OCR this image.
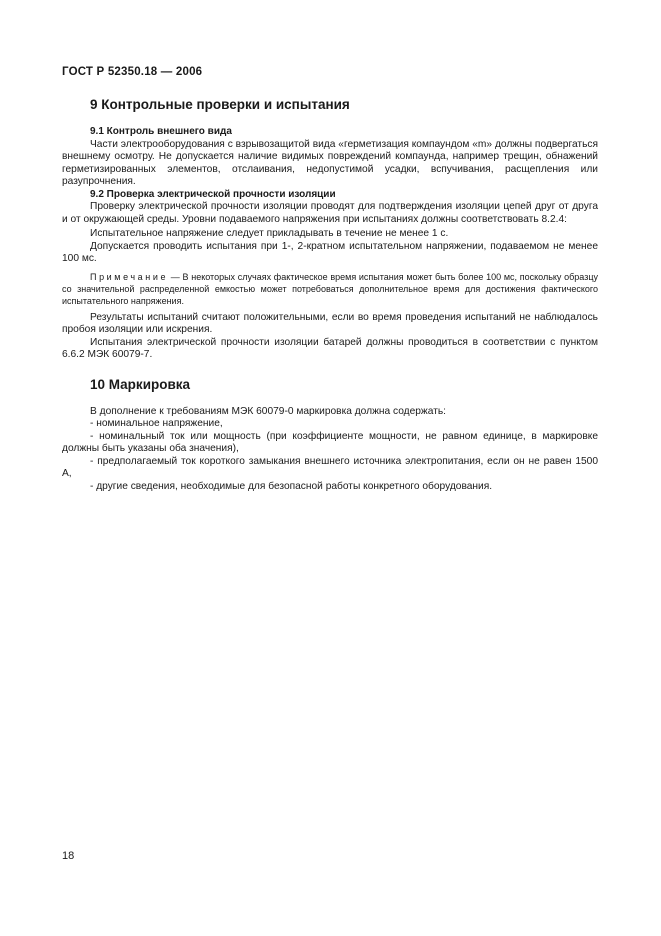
ГОСТ Р 52350.18 — 2006
9 Контрольные проверки и испытания
9.1 Контроль внешнего вида

Части электрооборудования с взрывозащитой вида «герметизация компаундом «m» должны подвергаться внешнему осмотру. Не допускается наличие видимых повреждений компаунда, например трещин, обнажений герметизированных элементов, отслаивания, недопустимой усадки, вспучивания, расщепления или разупрочнения.

9.2 Проверка электрической прочности изоляции

Проверку электрической прочности изоляции проводят для подтверждения изоляции цепей друг от друга и от окружающей среды. Уровни подаваемого напряжения при испытаниях должны соответствовать 8.2.4:

Испытательное напряжение следует прикладывать в течение не менее 1 с.

Допускается проводить испытания при 1-, 2-кратном испытательном напряжении, подаваемом не менее 100 мс.

Примечание — В некоторых случаях фактическое время испытания может быть более 100 мс, поскольку образцу со значительной распределенной емкостью может потребоваться дополнительное время для достижения фактического испытательного напряжения.

Результаты испытаний считают положительными, если во время проведения испытаний не наблюдалось пробоя изоляции или искрения.

Испытания электрической прочности изоляции батарей должны проводиться в соответствии с пунктом 6.6.2 МЭК 60079-7.

10 Маркировка

В дополнение к требованиям МЭК 60079-0 маркировка должна содержать:

- номинальное напряжение,

- номинальный ток или мощность (при коэффициенте мощности, не равном единице, в маркировке должны быть указаны оба значения),

- предполагаемый ток короткого замыкания внешнего источника электропитания, если он не равен 1500 А,

- другие сведения, необходимые для безопасной работы конкретного оборудования.

18
